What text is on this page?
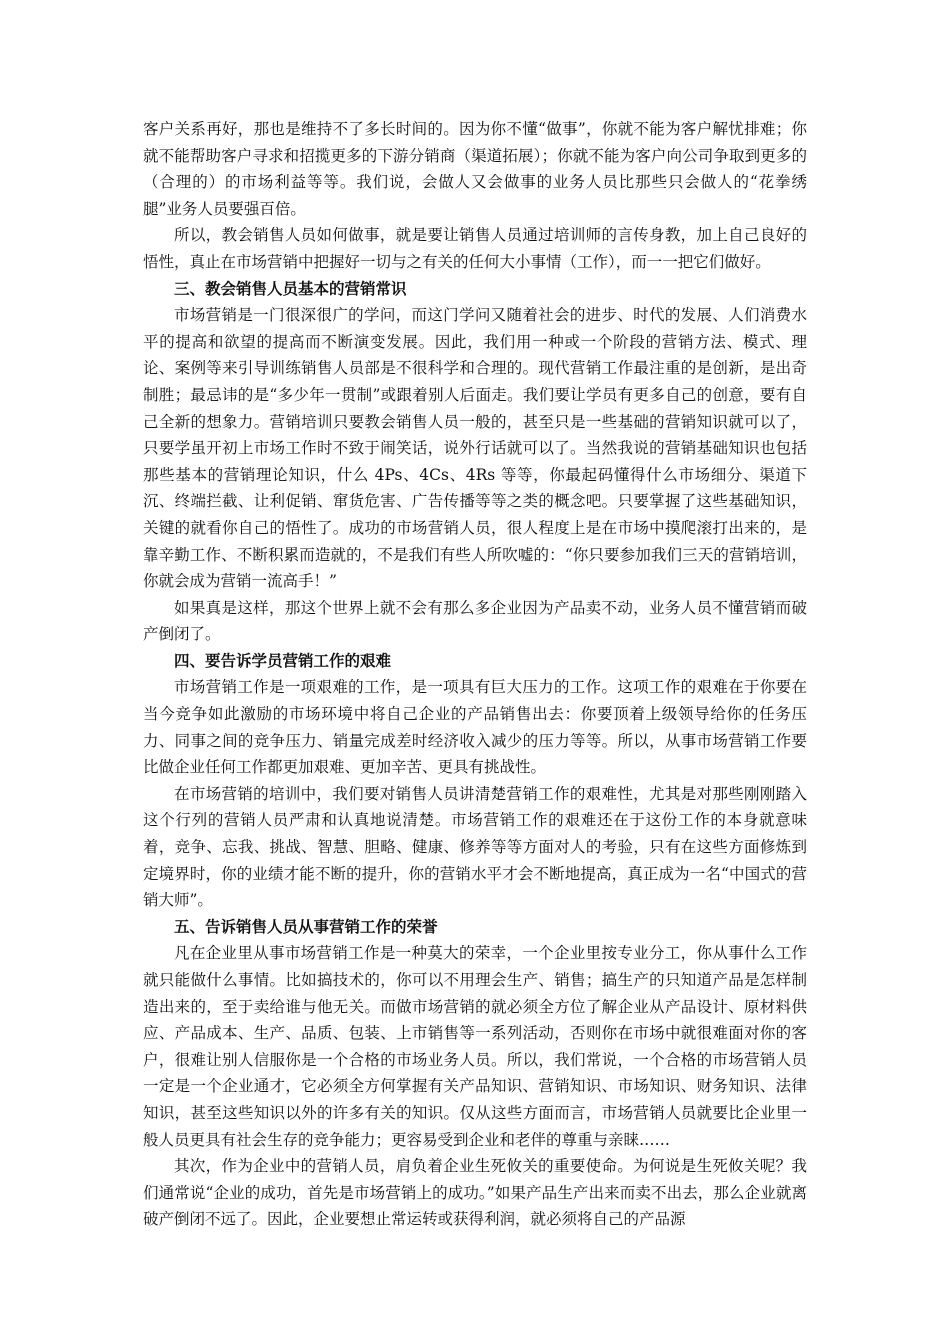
客户关系再好，那也是维持不了多长时间的。因为你不懂“做事”，你就不能为客户解忧排难；你就不能帮助客户寻求和招揽更多的下游分销商（渠道拓展）；你就不能为客户向公司争取到更多的（合理的）的市场利益等等。我们说，会做人又会做事的业务人员比那些只会做人的“花拳绣腿”业务人员要强百倍。

所以，教会销售人员如何做事，就是要让销售人员通过培训师的言传身教，加上自己良好的悟性，真止在市场营销中把握好一切与之有关的任何大小事情（工作），而一一把它们做好。

三、教会销售人员基本的营销常识

市场营销是一门很深很广的学问，而这门学问又随着社会的进步、时代的发展、人们消费水平的提高和欲望的提高而不断演变发展。因此，我们用一种或一个阶段的营销方法、模式、理论、案例等来引导训练销售人员部是不很科学和合理的。现代营销工作最注重的是创新，是出奇制胜；最忌讳的是“多少年一贯制”或跟着别人后面走。我们要让学员有更多自己的创意，要有自己全新的想象力。营销培训只要教会销售人员一般的，甚至只是一些基础的营销知识就可以了，只要学虽开初上市场工作时不致于闹笑话，说外行话就可以了。当然我说的营销基础知识也包括那些基本的营销理论知识，什么 4Ps、4Cs、4Rs 等等，你最起码懂得什么市场细分、渠道下沉、终端拦截、让利促销、窜货危害、广告传播等等之类的概念吧。只要掌握了这些基础知识，关键的就看你自己的悟性了。成功的市场营销人员，很人程度上是在市场中摸爬滚打出来的，是靠辛勤工作、不断积累而造就的，不是我们有些人所吹嘘的：“你只要参加我们三天的营销培训，你就会成为营销一流高手！”

如果真是这样，那这个世界上就不会有那么多企业因为产品卖不动，业务人员不懂营销而破产倒闭了。

四、要告诉学员营销工作的艰难

市场营销工作是一项艰难的工作，是一项具有巨大压力的工作。这项工作的艰难在于你要在当今竞争如此激励的市场环境中将自己企业的产品销售出去：你要顶着上级领导给你的任务压力、同事之间的竞争压力、销量完成差时经济收入减少的压力等等。所以，从事市场营销工作要比做企业任何工作都更加艰难、更加辛苦、更具有挑战性。

在市场营销的培训中，我们要对销售人员讲清楚营销工作的艰难性，尤其是对那些刚刚踏入这个行列的营销人员严肃和认真地说清楚。市场营销工作的艰难还在于这份工作的本身就意味着，竞争、忘我、挑战、智慧、胆略、健康、修养等等方面对人的考验，只有在这些方面修炼到定境界时，你的业绩才能不断的提升，你的营销水平才会不断地提高，真正成为一名“中国式的营销大师”。

五、告诉销售人员从事营销工作的荣誉

凡在企业里从事市场营销工作是一种莫大的荣幸，一个企业里按专业分工，你从事什么工作就只能做什么事情。比如搞技术的，你可以不用理会生产、销售；搞生产的只知道产品是怎样制造出来的，至于卖给谁与他无关。而做市场营销的就必须全方位了解企业从产品设计、原材料供应、产品成本、生产、品质、包装、上市销售等一系列活动，否则你在市场中就很难面对你的客户，很难让别人信服你是一个合格的市场业务人员。所以，我们常说，一个合格的市场营销人员一定是一个企业通才，它必须全方何掌握有关产品知识、营销知识、市场知识、财务知识、法律知识，甚至这些知识以外的许多有关的知识。仅从这些方面而言，市场营销人员就要比企业里一般人员更具有社会生存的竞争能力；更容易受到企业和老伴的尊重与亲睐……

其次，作为企业中的营销人员，肩负着企业生死攸关的重要使命。为何说是生死攸关呢？我们通常说“企业的成功，首先是市场营销上的成功。”如果产品生产出来而卖不出去，那么企业就离破产倒闭不远了。因此，企业要想止常运转或获得利润，就必须将自己的产品源
